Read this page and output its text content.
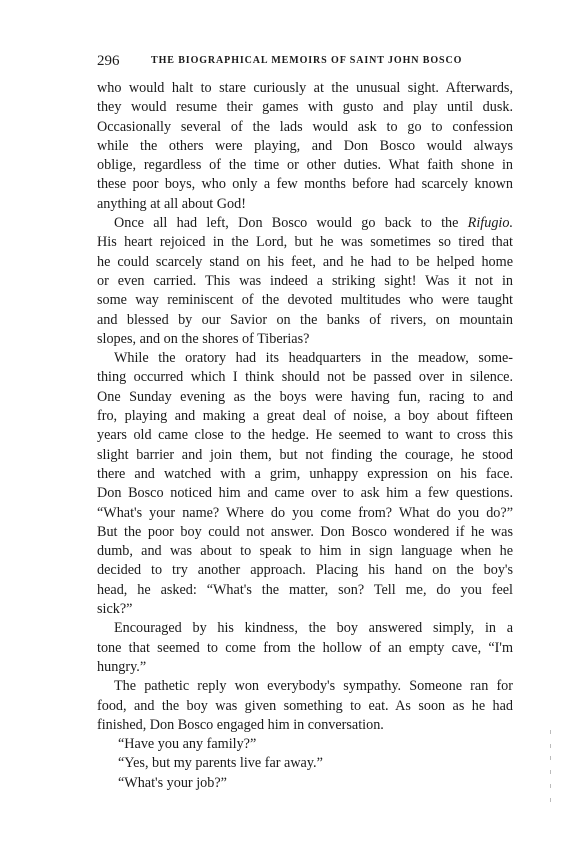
296	THE BIOGRAPHICAL MEMOIRS OF SAINT JOHN BOSCO
who would halt to stare curiously at the unusual sight. Afterwards,
they would resume their games with gusto and play until dusk.
Occasionally several of the lads would ask to go to confession
while the others were playing, and Don Bosco would always
oblige, regardless of the time or other duties. What faith shone in
these poor boys, who only a few months before had scarcely known
anything at all about God!
Once all had left, Don Bosco would go back to the Rifugio.
His heart rejoiced in the Lord, but he was sometimes so tired that
he could scarcely stand on his feet, and he had to be helped home
or even carried. This was indeed a striking sight! Was it not in
some way reminiscent of the devoted multitudes who were taught
and blessed by our Savior on the banks of rivers, on mountain
slopes, and on the shores of Tiberias?
While the oratory had its headquarters in the meadow, some-
thing occurred which I think should not be passed over in silence.
One Sunday evening as the boys were having fun, racing to and
fro, playing and making a great deal of noise, a boy about fifteen
years old came close to the hedge. He seemed to want to cross this
slight barrier and join them, but not finding the courage, he stood
there and watched with a grim, unhappy expression on his face.
Don Bosco noticed him and came over to ask him a few questions.
“What's your name? Where do you come from? What do you do?”
But the poor boy could not answer. Don Bosco wondered if he was
dumb, and was about to speak to him in sign language when he
decided to try another approach. Placing his hand on the boy's
head, he asked: “What's the matter, son? Tell me, do you feel
sick?”
Encouraged by his kindness, the boy answered simply, in a
tone that seemed to come from the hollow of an empty cave, “I'm
hungry.”
The pathetic reply won everybody's sympathy. Someone ran for
food, and the boy was given something to eat. As soon as he had
finished, Don Bosco engaged him in conversation.
“Have you any family?”
“Yes, but my parents live far away.”
“What's your job?”
